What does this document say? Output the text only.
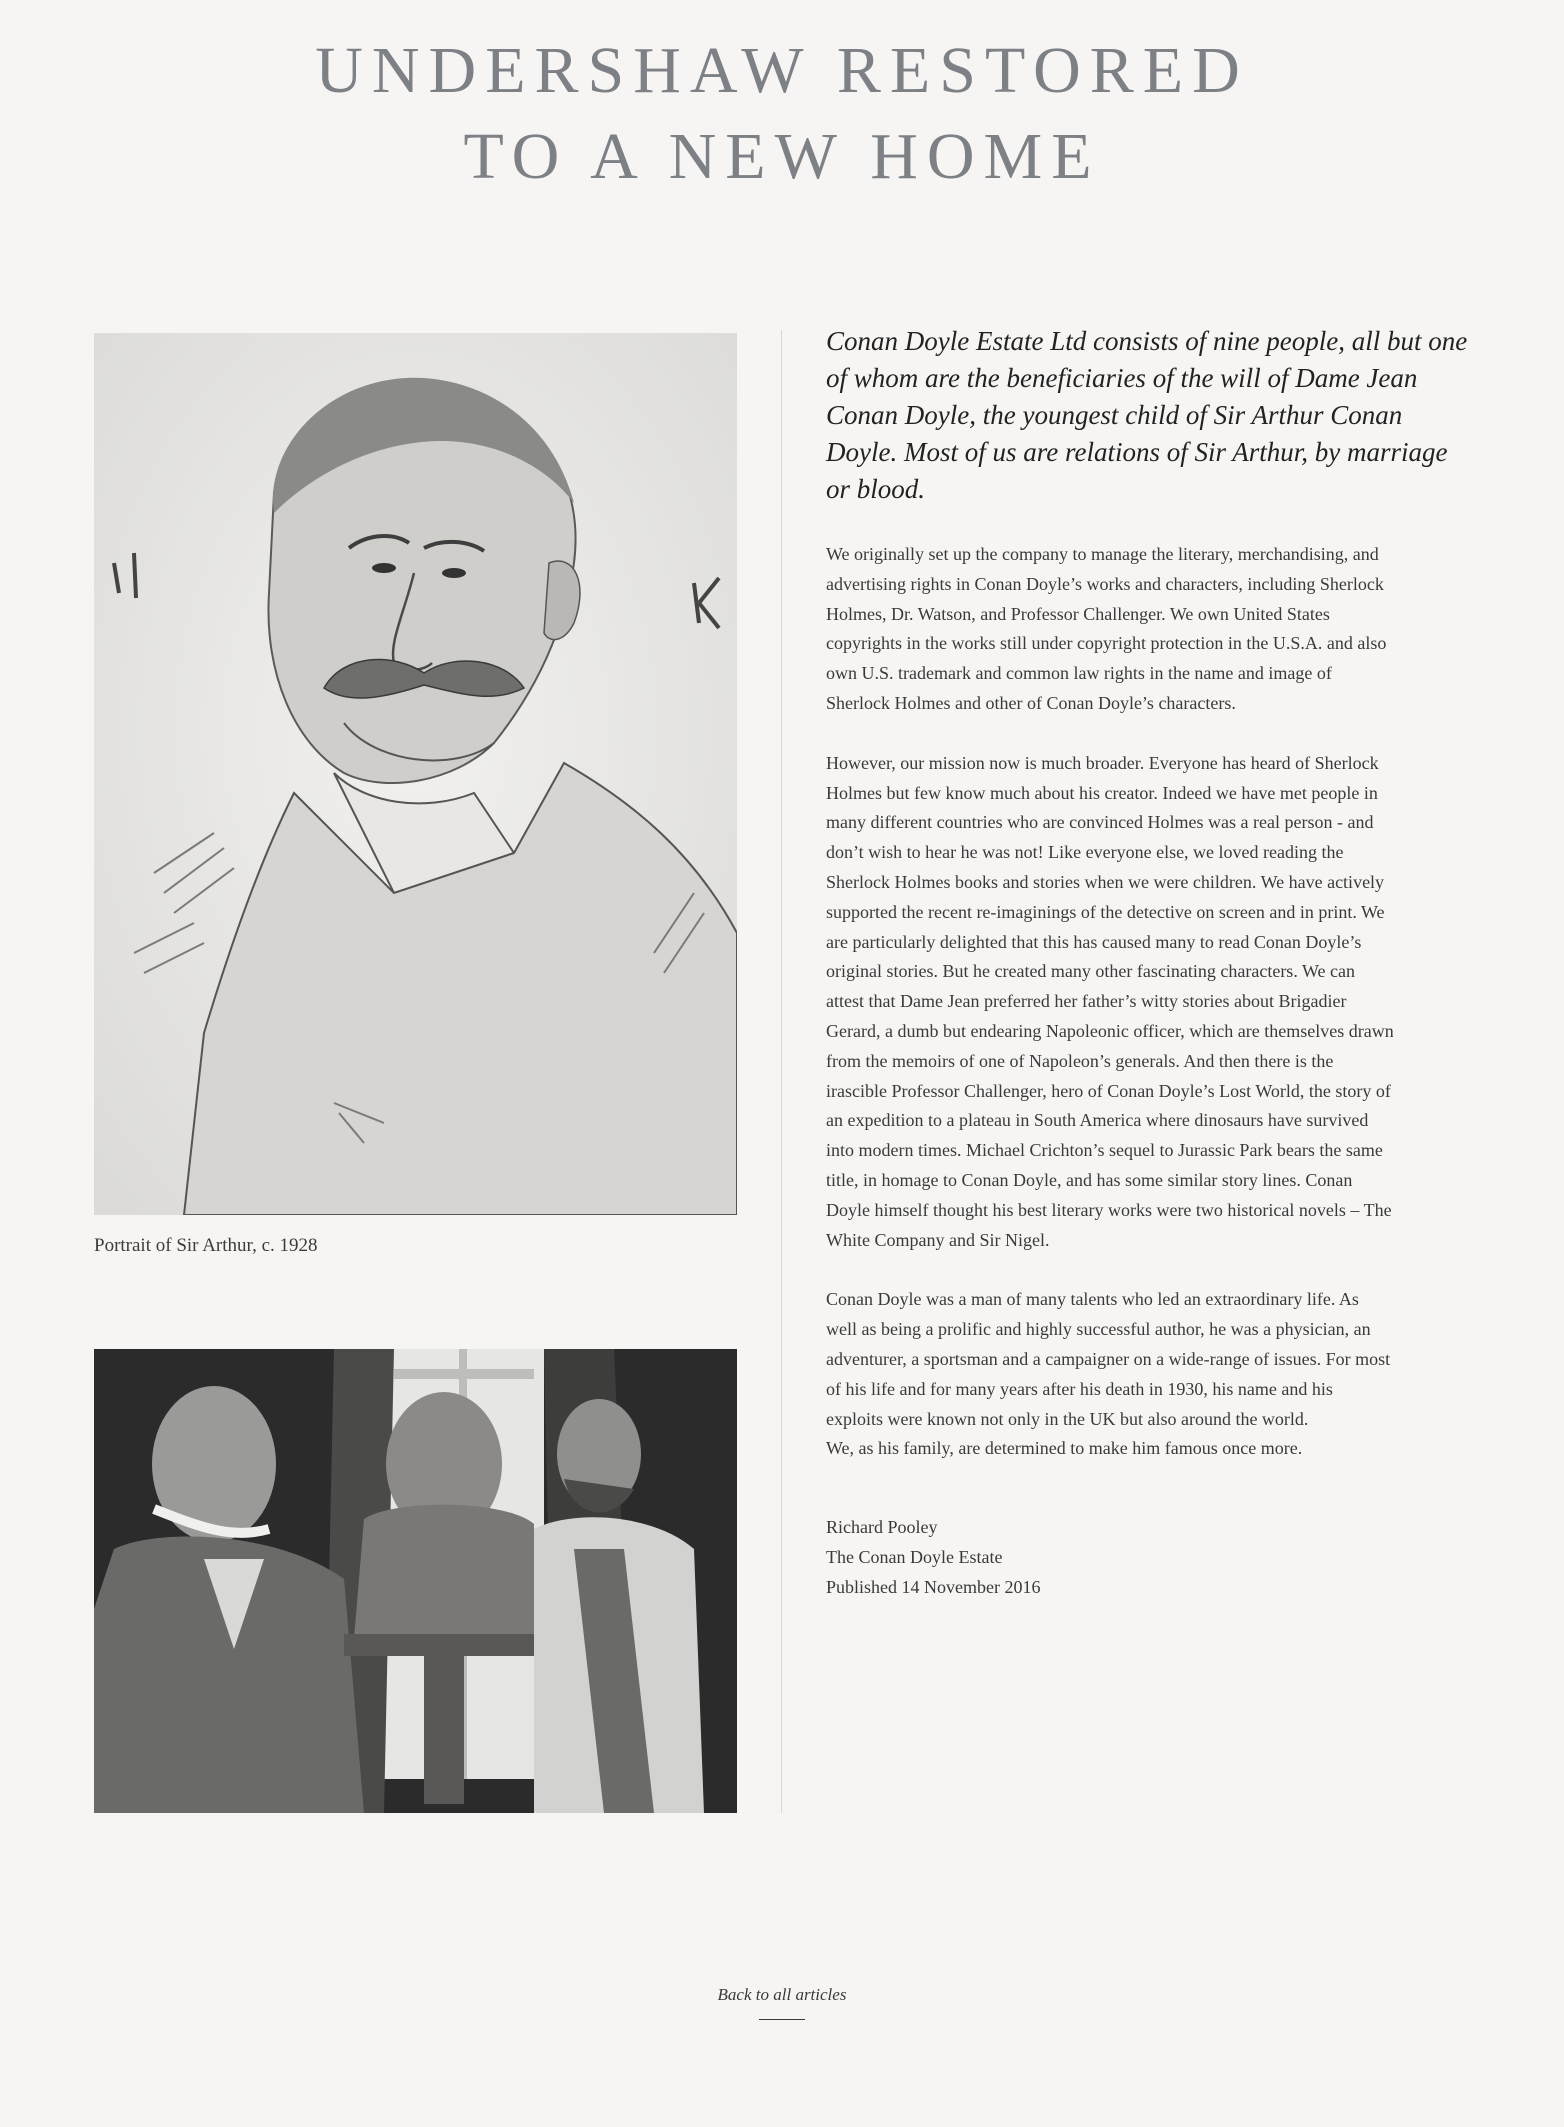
UNDERSHAW RESTORED
TO A NEW HOME

Portrait of Sir Arthur, c. 1928

Conan Doyle Estate Ltd consists of nine people, all but one of whom are the beneficiaries of the will of Dame Jean Conan Doyle, the youngest child of Sir Arthur Conan Doyle. Most of us are relations of Sir Arthur, by marriage or blood.

We originally set up the company to manage the literary, merchandising, and
advertising rights in Conan Doyle’s works and characters, including Sherlock
Holmes, Dr. Watson, and Professor Challenger. We own United States
copyrights in the works still under copyright protection in the U.S.A. and also
own U.S. trademark and common law rights in the name and image of
Sherlock Holmes and other of Conan Doyle’s characters.

However, our mission now is much broader. Everyone has heard of Sherlock
Holmes but few know much about his creator. Indeed we have met people in
many different countries who are convinced Holmes was a real person - and
don’t wish to hear he was not! Like everyone else, we loved reading the
Sherlock Holmes books and stories when we were children. We have actively
supported the recent re-imaginings of the detective on screen and in print. We
are particularly delighted that this has caused many to read Conan Doyle’s
original stories. But he created many other fascinating characters. We can
attest that Dame Jean preferred her father’s witty stories about Brigadier
Gerard, a dumb but endearing Napoleonic officer, which are themselves drawn
from the memoirs of one of Napoleon’s generals. And then there is the
irascible Professor Challenger, hero of Conan Doyle’s Lost World, the story of
an expedition to a plateau in South America where dinosaurs have survived
into modern times. Michael Crichton’s sequel to Jurassic Park bears the same
title, in homage to Conan Doyle, and has some similar story lines. Conan
Doyle himself thought his best literary works were two historical novels – The
White Company and Sir Nigel.

Conan Doyle was a man of many talents who led an extraordinary life. As
well as being a prolific and highly successful author, he was a physician, an
adventurer, a sportsman and a campaigner on a wide-range of issues. For most
of his life and for many years after his death in 1930, his name and his
exploits were known not only in the UK but also around the world.
We, as his family, are determined to make him famous once more.

Richard Pooley
The Conan Doyle Estate
Published 14 November 2016
Back to all articles
